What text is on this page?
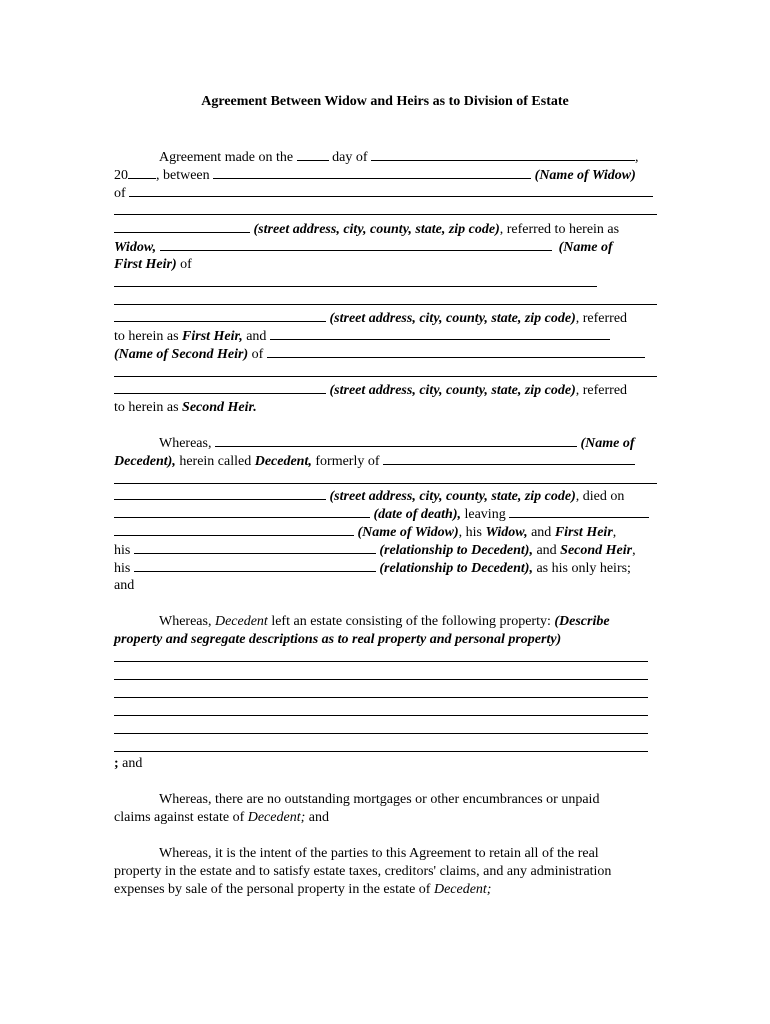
Agreement Between Widow and Heirs as to Division of Estate
Agreement made on the  day of	,
20 , between	(Name of Widow)
of
(street address, city, county, state, zip code), referred to herein as
Widow,	(Name of
First Heir) of
(street address, city, county, state, zip code), referred
to herein as First Heir, and
(Name of Second Heir) of
(street address, city, county, state, zip code), referred
to herein as Second Heir.
Whereas,	(Name of
Decedent), herein called Decedent, formerly of
(street address, city, county, state, zip code), died on
(date of death), leaving
(Name of Widow), his Widow, and First Heir,
his	(relationship to Decedent), and Second Heir,
his	(relationship to Decedent), as his only heirs;
and
Whereas, Decedent left an estate consisting of the following property: (Describe
property and segregate descriptions as to real property and personal property)
; and
Whereas, there are no outstanding mortgages or other encumbrances or unpaid
claims against estate of Decedent; and
Whereas, it is the intent of the parties to this Agreement to retain all of the real
property in the estate and to satisfy estate taxes, creditors' claims, and any administration
expenses by sale of the personal property in the estate of Decedent;
